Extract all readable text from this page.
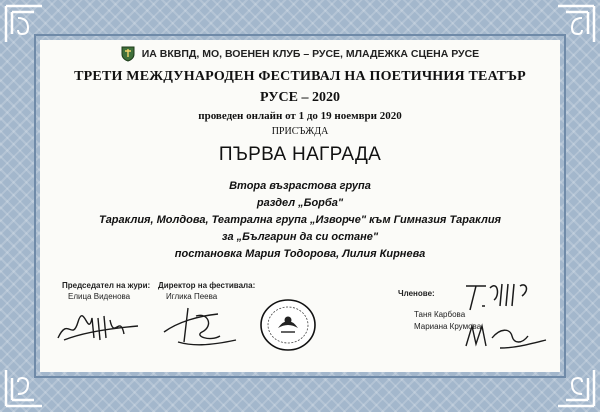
ИА ВКВПД, МО, ВОЕНЕН КЛУБ – РУСЕ, МЛАДЕЖКА СЦЕНА РУСЕ
ТРЕТИ МЕЖДУНАРОДЕН ФЕСТИВАЛ НА ПОЕТИЧНИЯ ТЕАТЪР
РУСЕ – 2020
проведен онлайн от 1 до 19 ноември 2020
ПРИСЪЖДА
ПЪРВА НАГРАДА
Втора възрастова група
раздел „Борба"
Тараклия, Молдова, Театрална група „Изворче" към Гимназия Тараклия
за „Българин да си остане"
постановка Мария Тодорова, Лилия Кирнева
Председател на жури:
Елица Виденова
Директор на фестивала:
Иглика Пеева	Членове:
Таня Карбова
Мариана Крумова
